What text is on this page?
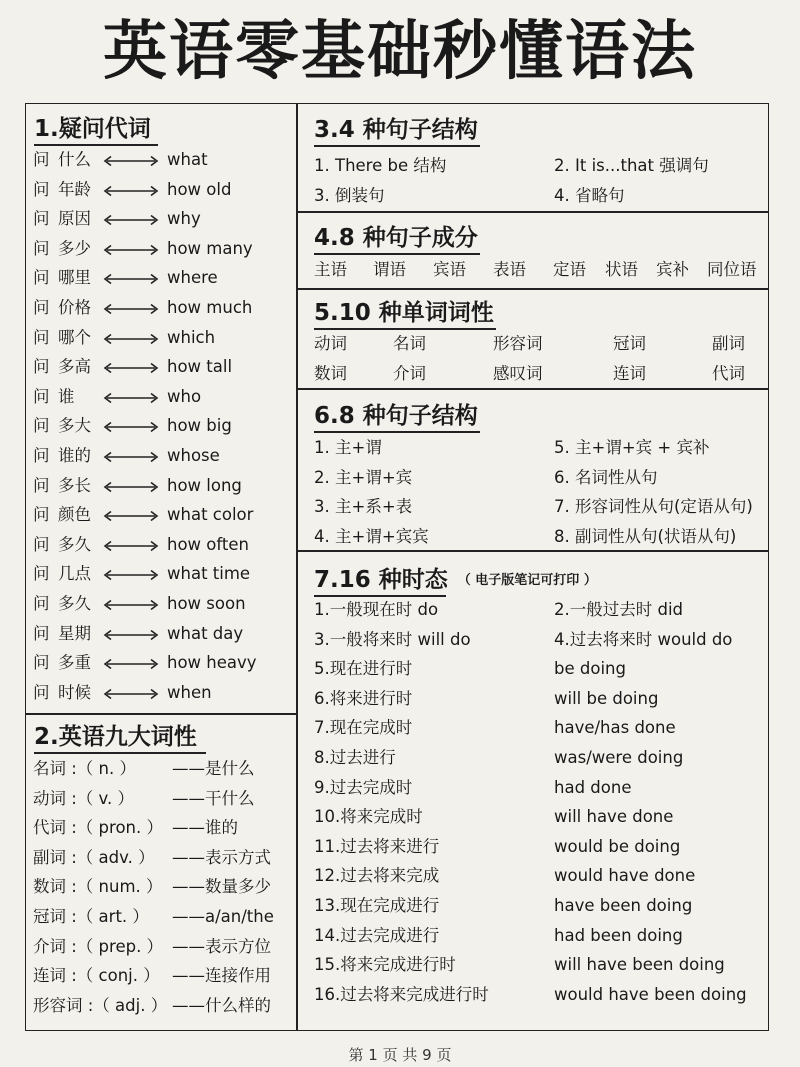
英语零基础秒懂语法
1.疑问代词
问 什么	what
问 年龄	how old
问 原因	why
问 多少	how many
问 哪里	where
问 价格	how much
问 哪个	which
问 多高	how tall
问 谁	who
问 多大	how big
问 谁的	whose
问 多长	how long
问 颜色	what color
问 多久	how often
问 几点	what time
问 多久	how soon
问 星期	what day
问 多重	how heavy
问 时候	when
2.英语九大词性
名词 :（ n. ） ——是什么
动词 :（ v. ） ——干什么
代词 :（ pron. ） ——谁的
副词 :（ adv. ） ——表示方式
数词 :（ num. ） ——数量多少
冠词 :（ art. ） ——a/an/the
介词 :（ prep. ） ——表示方位
连词 :（ conj. ） ——连接作用
形容词 :（ adj. ） ——什么样的
3.4 种句子结构
1. There be 结构	2. It is...that 强调句
3. 倒装句	4. 省略句
4.8 种句子成分
主语 谓语 宾语 表语 定语 状语 宾补 同位语
5.10 种单词词性
动词	名词	形容词	冠词	副词
数词	介词	感叹词	连词	代词
6.8 种句子结构
1. 主+谓
2. 主+谓+宾
3. 主+系+表
4. 主+谓+宾宾
5. 主+谓+宾 + 宾补
6. 名词性从句
7. 形容词性从句(定语从句)
8. 副词性从句(状语从句)
7.16 种时态 $^{( 电子版笔记可打印 )}$
1.一般现在时 do	2.一般过去时 did
3.一般将来时 will do	4.过去将来时 would do
5.现在进行时	be doing
6.将来进行时	will be doing
7.现在完成时	have/has done
8.过去进行	was/were doing
9.过去完成时	had done
10.将来完成时	will have done
11.过去将来进行	would be doing
12.过去将来完成	would have done
13.现在完成进行	have been doing
14.过去完成进行	had been doing
15.将来完成进行时	will have been doing
16.过去将来完成进行时	would have been doing
第 1 页 共 9 页
